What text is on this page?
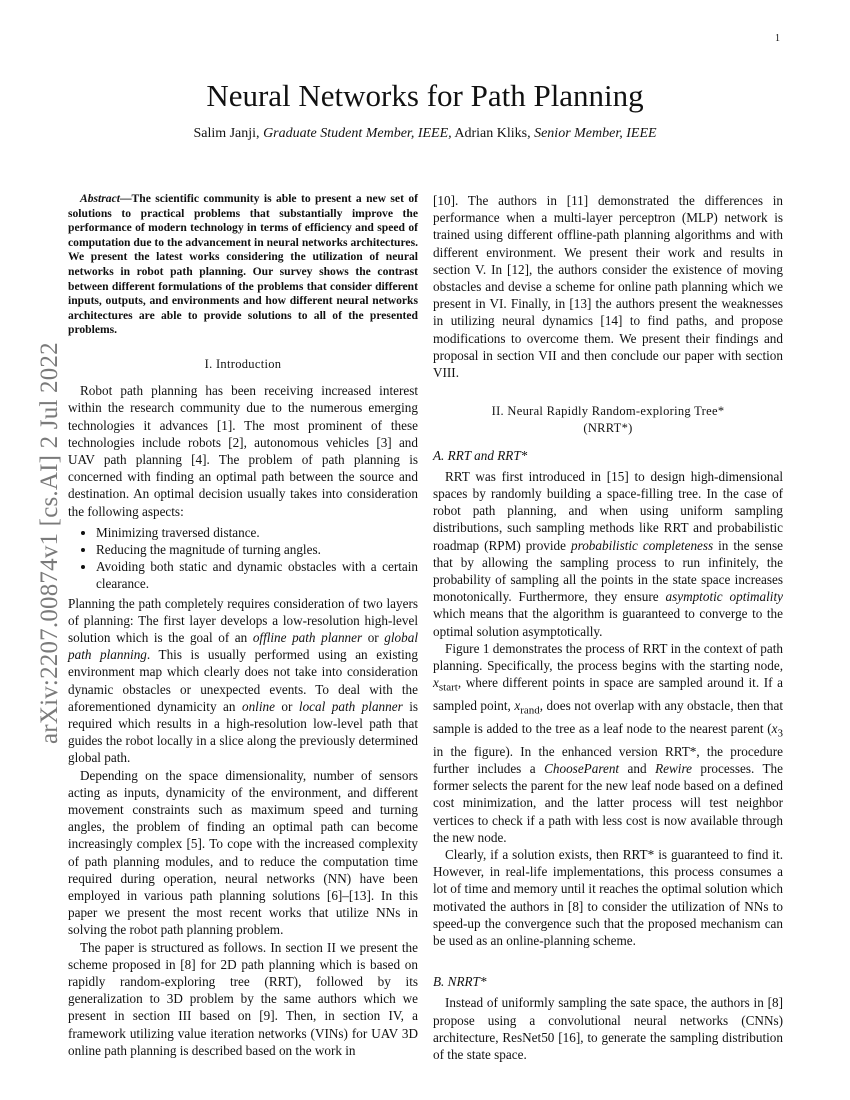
1
arXiv:2207.00874v1 [cs.AI] 2 Jul 2022
Neural Networks for Path Planning
Salim Janji, Graduate Student Member, IEEE, Adrian Kliks, Senior Member, IEEE

Abstract—The scientific community is able to present a new set of solutions to practical problems that substantially improve the performance of modern technology in terms of efficiency and speed of computation due to the advancement in neural networks architectures. We present the latest works considering the utilization of neural networks in robot path planning. Our survey shows the contrast between different formulations of the problems that consider different inputs, outputs, and environments and how different neural networks architectures are able to provide solutions to all of the presented problems.

I. Introduction

Robot path planning has been receiving increased interest within the research community due to the numerous emerging technologies it advances [1]. The most prominent of these technologies include robots [2], autonomous vehicles [3] and UAV path planning [4]. The problem of path planning is concerned with finding an optimal path between the source and destination. An optimal decision usually takes into consideration the following aspects:

• Minimizing traversed distance.
• Reducing the magnitude of turning angles.
• Avoiding both static and dynamic obstacles with a certain clearance.

Planning the path completely requires consideration of two layers of planning: The first layer develops a low-resolution high-level solution which is the goal of an offline path planner or global path planning. This is usually performed using an existing environment map which clearly does not take into consideration dynamic obstacles or unexpected events. To deal with the aforementioned dynamicity an online or local path planner is required which results in a high-resolution low-level path that guides the robot locally in a slice along the previously determined global path.

Depending on the space dimensionality, number of sensors acting as inputs, dynamicity of the environment, and different movement constraints such as maximum speed and turning angles, the problem of finding an optimal path can become increasingly complex [5]. To cope with the increased complexity of path planning modules, and to reduce the computation time required during operation, neural networks (NN) have been employed in various path planning solutions [6]–[13]. In this paper we present the most recent works that utilize NNs in solving the robot path planning problem.

The paper is structured as follows. In section II we present the scheme proposed in [8] for 2D path planning which is based on rapidly random-exploring tree (RRT), followed by its generalization to 3D problem by the same authors which we present in section III based on [9]. Then, in section IV, a framework utilizing value iteration networks (VINs) for UAV 3D online path planning is described based on the work in

[10]. The authors in [11] demonstrated the differences in performance when a multi-layer perceptron (MLP) network is trained using different offline-path planning algorithms and with different environment. We present their work and results in section V. In [12], the authors consider the existence of moving obstacles and devise a scheme for online path planning which we present in VI. Finally, in [13] the authors present the weaknesses in utilizing neural dynamics [14] to find paths, and propose modifications to overcome them. We present their findings and proposal in section VII and then conclude our paper with section VIII.

II. Neural Rapidly Random-exploring Tree*
(NRRT*)
A. RRT and RRT*

RRT was first introduced in [15] to design high-dimensional spaces by randomly building a space-filling tree. In the case of robot path planning, and when using uniform sampling distributions, such sampling methods like RRT and probabilistic roadmap (RPM) provide probabilistic completeness in the sense that by allowing the sampling process to run infinitely, the probability of sampling all the points in the state space increases monotonically. Furthermore, they ensure asymptotic optimality which means that the algorithm is guaranteed to converge to the optimal solution asymptotically.

Figure 1 demonstrates the process of RRT in the context of path planning. Specifically, the process begins with the starting node, $x_{start}$, where different points in space are sampled around it. If a sampled point, $x_{rand}$, does not overlap with any obstacle, then that sample is added to the tree as a leaf node to the nearest parent ($x_3$ in the figure). In the enhanced version RRT*, the procedure further includes a ChooseParent and Rewire processes. The former selects the parent for the new leaf node based on a defined cost minimization, and the latter process will test neighbor vertices to check if a path with less cost is now available through the new node.

Clearly, if a solution exists, then RRT* is guaranteed to find it. However, in real-life implementations, this process consumes a lot of time and memory until it reaches the optimal solution which motivated the authors in [8] to consider the utilization of NNs to speed-up the convergence such that the proposed mechanism can be used as an online-planning scheme.

B. NRRT*

Instead of uniformly sampling the sate space, the authors in [8] propose using a convolutional neural networks (CNNs) architecture, ResNet50 [16], to generate the sampling distribution of the state space.
